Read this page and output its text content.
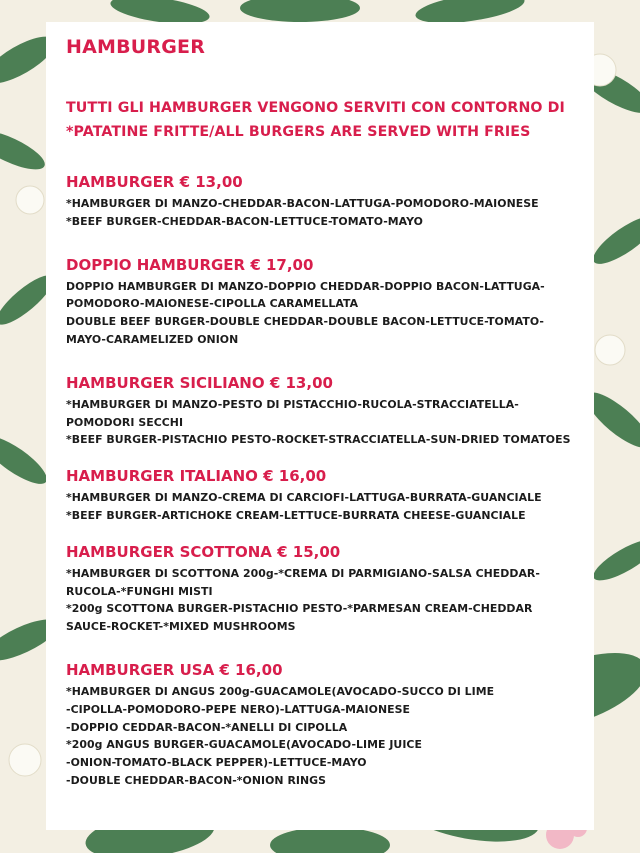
HAMBURGER

TUTTI GLI HAMBURGER VENGONO SERVITI CON CONTORNO DI
*PATATINE FRITTE/ALL BURGERS ARE SERVED WITH FRIES

HAMBURGER € 13,00

*HAMBURGER DI MANZO-CHEDDAR-BACON-LATTUGA-POMODORO-MAIONESE
*BEEF BURGER-CHEDDAR-BACON-LETTUCE-TOMATO-MAYO

DOPPIO HAMBURGER € 17,00

DOPPIO HAMBURGER DI MANZO-DOPPIO CHEDDAR-DOPPIO BACON-LATTUGA-
POMODORO-MAIONESE-CIPOLLA CARAMELLATA
DOUBLE BEEF BURGER-DOUBLE CHEDDAR-DOUBLE BACON-LETTUCE-TOMATO-
MAYO-CARAMELIZED ONION

HAMBURGER SICILIANO € 13,00

*HAMBURGER DI MANZO-PESTO DI PISTACCHIO-RUCOLA-STRACCIATELLA-
POMODORI SECCHI
*BEEF BURGER-PISTACHIO PESTO-ROCKET-STRACCIATELLA-SUN-DRIED TOMATOES

HAMBURGER ITALIANO € 16,00

*HAMBURGER DI MANZO-CREMA DI CARCIOFI-LATTUGA-BURRATA-GUANCIALE
*BEEF BURGER-ARTICHOKE CREAM-LETTUCE-BURRATA CHEESE-GUANCIALE

HAMBURGER SCOTTONA € 15,00

*HAMBURGER DI SCOTTONA 200g-*CREMA DI PARMIGIANO-SALSA CHEDDAR-
RUCOLA-*FUNGHI MISTI
*200g SCOTTONA BURGER-PISTACHIO PESTO-*PARMESAN CREAM-CHEDDAR
SAUCE-ROCKET-*MIXED MUSHROOMS

HAMBURGER USA € 16,00

*HAMBURGER DI ANGUS 200g-GUACAMOLE(AVOCADO-SUCCO DI LIME
-CIPOLLA-POMODORO-PEPE NERO)-LATTUGA-MAIONESE
-DOPPIO CEDDAR-BACON-*ANELLI DI CIPOLLA
*200g ANGUS BURGER-GUACAMOLE(AVOCADO-LIME JUICE
-ONION-TOMATO-BLACK PEPPER)-LETTUCE-MAYO
-DOUBLE CHEDDAR-BACON-*ONION RINGS
